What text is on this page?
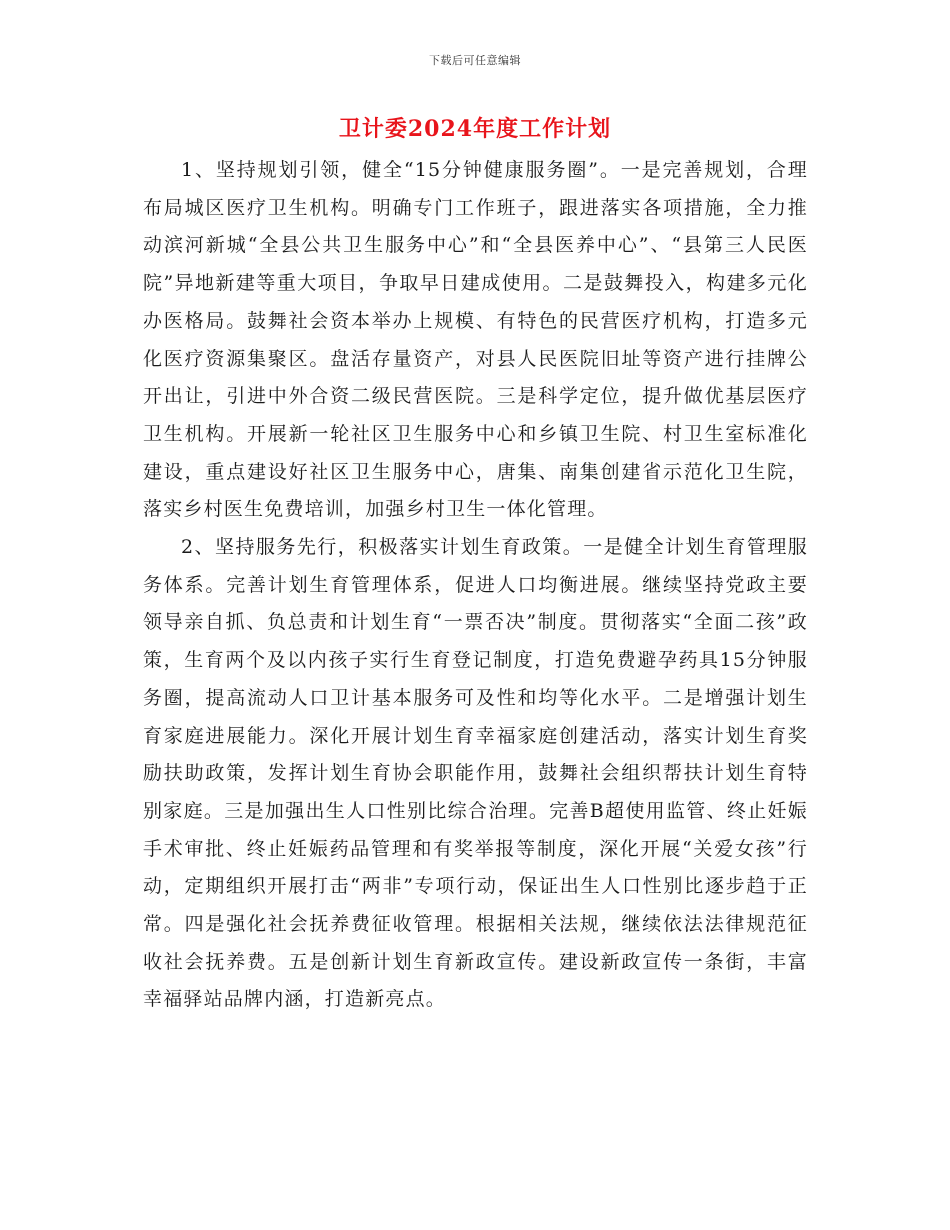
下载后可任意编辑
卫计委2024年度工作计划

1、坚持规划引领，健全“15分钟健康服务圈”。一是完善规划，合理布局城区医疗卫生机构。明确专门工作班子，跟进落实各项措施，全力推动滨河新城“全县公共卫生服务中心”和“全县医养中心”、“县第三人民医院”异地新建等重大项目，争取早日建成使用。二是鼓舞投入，构建多元化办医格局。鼓舞社会资本举办上规模、有特色的民营医疗机构，打造多元化医疗资源集聚区。盘活存量资产，对县人民医院旧址等资产进行挂牌公开出让，引进中外合资二级民营医院。三是科学定位，提升做优基层医疗卫生机构。开展新一轮社区卫生服务中心和乡镇卫生院、村卫生室标准化建设，重点建设好社区卫生服务中心，唐集、南集创建省示范化卫生院，落实乡村医生免费培训，加强乡村卫生一体化管理。

2、坚持服务先行，积极落实计划生育政策。一是健全计划生育管理服务体系。完善计划生育管理体系，促进人口均衡进展。继续坚持党政主要领导亲自抓、负总责和计划生育“一票否决”制度。贯彻落实“全面二孩”政策，生育两个及以内孩子实行生育登记制度，打造免费避孕药具15分钟服务圈，提高流动人口卫计基本服务可及性和均等化水平。二是增强计划生育家庭进展能力。深化开展计划生育幸福家庭创建活动，落实计划生育奖励扶助政策，发挥计划生育协会职能作用，鼓舞社会组织帮扶计划生育特别家庭。三是加强出生人口性别比综合治理。完善B超使用监管、终止妊娠手术审批、终止妊娠药品管理和有奖举报等制度，深化开展“关爱女孩”行动，定期组织开展打击“两非”专项行动，保证出生人口性别比逐步趋于正常。四是强化社会抚养费征收管理。根据相关法规，继续依法法律规范征收社会抚养费。五是创新计划生育新政宣传。建设新政宣传一条街，丰富幸福驿站品牌内涵，打造新亮点。
